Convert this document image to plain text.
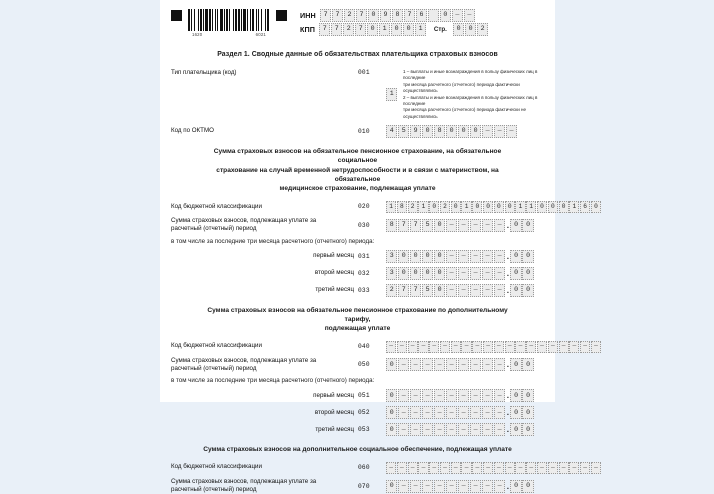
1620	6021
ИНН	7	7	2	7	0	9	8	7	6	0	—	—
КПП	7	7	2	7	0	1	0	0	1	Стр.	0	0	2
Раздел 1. Сводные данные об обязательствах плательщика страховых взносов
Тип плательщика (код)	001
1
1 – выплаты и иные вознаграждения в пользу физических лиц в последние
три месяца расчетного (отчетного) периода фактически осуществлялись
2 – выплаты и иные вознаграждения в пользу физических лиц в последние
три месяца расчетного (отчетного) периода фактически не осуществлялись
Код по ОКТМО	010	4	5	9	0	8	0	0	0	—	—	—
Сумма страховых взносов на обязательное пенсионное страхование, на обязательное социальное
страхование на случай временной нетрудоспособности и в связи с материнством, на обязательное
медицинское страхование, подлежащая уплате
Код бюджетной классификации	020	1	8	2	1	0	2	0	1	0	0	0	0	1	1	0	0	0	1	6	0
Сумма страховых взносов, подлежащая уплате за
расчетный (отчетный) период	030	8	7	7	5	0	—	—	—	—	— . 0	0
в том числе за последние три месяца расчетного (отчетного) периода:
первый месяц 031	3	0	0	0	0	—	—	—	—	— . 0	0
второй месяц 032	3	0	0	0	0	—	—	—	—	— . 0	0
третий месяц 033	2	7	7	5	0	—	—	—	—	— . 0	0
Сумма страховых взносов на обязательное пенсионное страхование по дополнительному тарифу,
подлежащая уплате
Код бюджетной классификации	040	—	—	—	—	—	—	—	—	—	—	—	—	—	—	—	—	—	—	—	—
Сумма страховых взносов, подлежащая уплате за
расчетный (отчетный) период	050	0	—	—	—	—	—	—	—	—	— . 0	0
в том числе за последние три месяца расчетного (отчетного) периода:
первый месяц 051	0	—	—	—	—	—	—	—	—	— . 0	0
второй месяц 052	0	—	—	—	—	—	—	—	—	— . 0	0
третий месяц 053	0	—	—	—	—	—	—	—	—	— . 0	0
Сумма страховых взносов на дополнительное социальное обеспечение, подлежащая уплате
Код бюджетной классификации	060	—	—	—	—	—	—	—	—	—	—	—	—	—	—	—	—	—	—	—	—
Сумма страховых взносов, подлежащая уплате за
расчетный (отчетный) период	070	0	—	—	—	—	—	—	—	—	— . 0	0
